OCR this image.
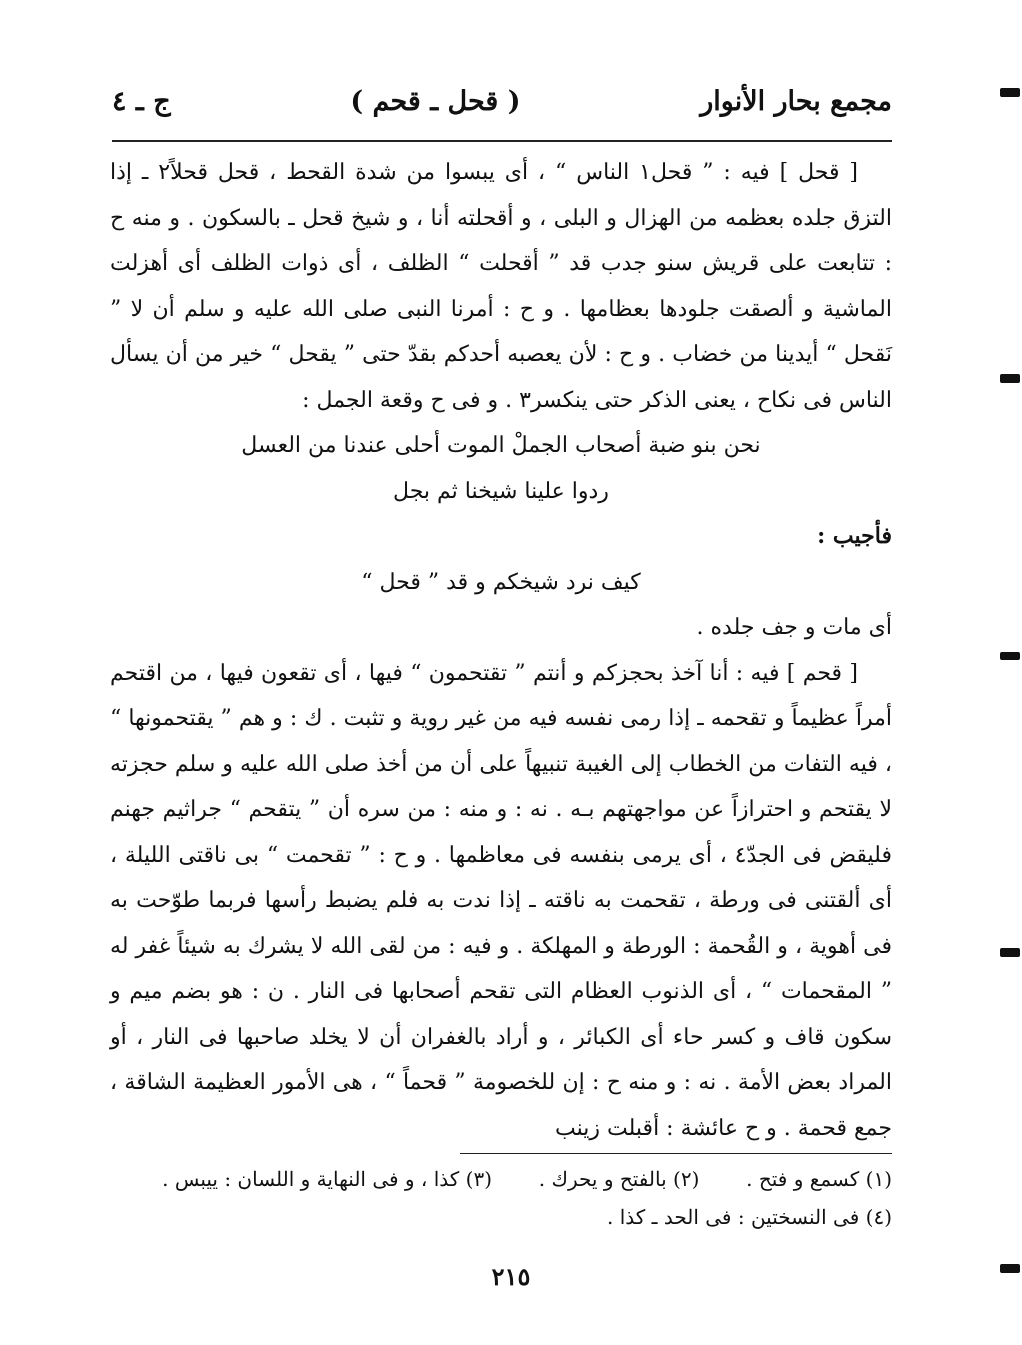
مجمع بحار الأنوار
( قحل ـ قحم )
ج ـ ٤

[ قحل ] فيه : ” قحل١ الناس “ ، أى يبسوا من شدة القحط ، قحل قحلاً٢ ـ إذا التزق جلده بعظمه من الهزال و البلى ، و أقحلته أنا ، و شيخ قحل ـ بالسكون . و منه ح : تتابعت على قريش سنو جدب قد ” أقحلت “ الظلف ، أى ذوات الظلف أى أهزلت الماشية و ألصقت جلودها بعظامها . و ح : أمرنا النبى صلى الله عليه و سلم أن لا ” نَقحل “ أيدينا من خضاب . و ح : لأن يعصبه أحدكم بقدّ حتى ” يقحل “ خير من أن يسأل الناس فى نكاح ، يعنى الذكر حتى ينكسر٣ . و فى ح وقعة الجمل :

نحن بنو ضبة أصحاب الجملْ الموت أحلى عندنا من العسل

ردوا علينا شيخنا ثم بجل

فأجيب :

كيف نرد شيخكم و قد ” قحل “

أى مات و جف جلده .

[ قحم ] فيه : أنا آخذ بحجزكم و أنتم ” تقتحمون “ فيها ، أى تقعون فيها ، من اقتحم أمراً عظيماً و تقحمه ـ إذا رمى نفسه فيه من غير روية و تثبت . ك : و هم ” يقتحمونها “ ، فيه التفات من الخطاب إلى الغيبة تنبيهاً على أن من أخذ صلى الله عليه و سلم حجزته لا يقتحم و احترازاً عن مواجهتهم بـه . نه : و منه : من سره أن ” يتقحم “ جراثيم جهنم فليقض فى الجدّ٤ ، أى يرمى بنفسه فى معاظمها . و ح : ” تقحمت “ بى ناقتى الليلة ، أى ألقتنى فى ورطة ، تقحمت به ناقته ـ إذا ندت به فلم يضبط رأسها فربما طوّحت به فى أهوية ، و القُحمة : الورطة و المهلكة . و فيه : من لقى الله لا يشرك به شيئاً غفر له ” المقحمات “ ، أى الذنوب العظام التى تقحم أصحابها فى النار . ن : هو بضم ميم و سكون قاف و كسر حاء أى الكبائر ، و أراد بالغفران أن لا يخلد صاحبها فى النار ، أو المراد بعض الأمة . نه : و منه ح : إن للخصومة ” قحماً “ ، هى الأمور العظيمة الشاقة ، جمع قحمة . و ح عائشة : أقبلت زينب

(١) كسمع و فتح .  (٢) بالفتح و يحرك .  (٣) كذا ، و فى النهاية و اللسان : ييبس .

(٤) فى النسختين : فى الحد ـ كذا .

٢١٥
